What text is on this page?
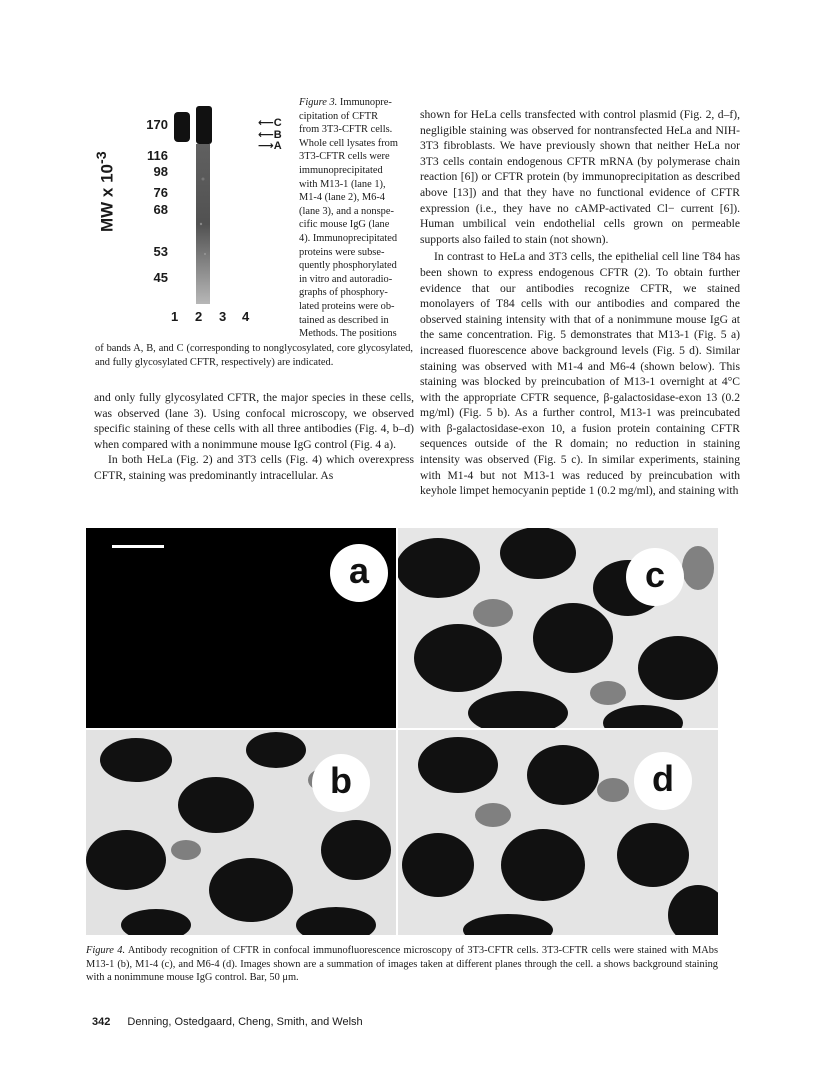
MW x $10^{-3}$
170
116
98
76
68
53
45
⟵C
⟵B
⟶A
1 2 3 4
Figure 3. Immunopre-
cipitation of CFTR
from 3T3-CFTR cells.
Whole cell lysates from
3T3-CFTR cells were
immunoprecipitated
with M13-1 (lane 1),
M1-4 (lane 2), M6-4
(lane 3), and a nonspe-
cific mouse IgG (lane
4). Immunoprecipitated
proteins were subse-
quently phosphorylated
in vitro and autoradio-
graphs of phosphory-
lated proteins were ob-
tained as described in
Methods. The positions
of bands A, B, and C (corresponding to nonglycosylated, core glycosylated, and fully glycosylated CFTR, respectively) are indicated.

and only fully glycosylated CFTR, the major species in these cells, was observed (lane 3). Using confocal microscopy, we observed specific staining of these cells with all three antibodies (Fig. 4, b–d) when compared with a nonimmune mouse IgG control (Fig. 4 a).

In both HeLa (Fig. 2) and 3T3 cells (Fig. 4) which overexpress CFTR, staining was predominantly intracellular. As

shown for HeLa cells transfected with control plasmid (Fig. 2, d–f), negligible staining was observed for nontransfected HeLa and NIH-3T3 fibroblasts. We have previously shown that neither HeLa nor 3T3 cells contain endogenous CFTR mRNA (by polymerase chain reaction [6]) or CFTR protein (by immunoprecipitation as described above [13]) and that they have no functional evidence of CFTR expression (i.e., they have no cAMP-activated Cl− current [6]). Human umbilical vein endothelial cells grown on permeable supports also failed to stain (not shown).

In contrast to HeLa and 3T3 cells, the epithelial cell line T84 has been shown to express endogenous CFTR (2). To obtain further evidence that our antibodies recognize CFTR, we stained monolayers of T84 cells with our antibodies and compared the observed staining intensity with that of a nonimmune mouse IgG at the same concentration. Fig. 5 demonstrates that M13-1 (Fig. 5 a) increased fluorescence above background levels (Fig. 5 d). Similar staining was observed with M1-4 and M6-4 (shown below). This staining was blocked by preincubation of M13-1 overnight at 4°C with the appropriate CFTR sequence, β-galactosidase-exon 13 (0.2 mg/ml) (Fig. 5 b). As a further control, M13-1 was preincubated with β-galactosidase-exon 10, a fusion protein containing CFTR sequences outside of the R domain; no reduction in staining intensity was observed (Fig. 5 c). In similar experiments, staining with M1-4 but not M13-1 was reduced by preincubation with keyhole limpet hemocyanin peptide 1 (0.2 mg/ml), and staining with

a	c
b	d
Figure 4. Antibody recognition of CFTR in confocal immunofluorescence microscopy of 3T3-CFTR cells. 3T3-CFTR cells were stained with MAbs M13-1 (b), M1-4 (c), and M6-4 (d). Images shown are a summation of images taken at different planes through the cell. a shows background staining with a nonimmune mouse IgG control. Bar, 50 μm.
342 Denning, Ostedgaard, Cheng, Smith, and Welsh
